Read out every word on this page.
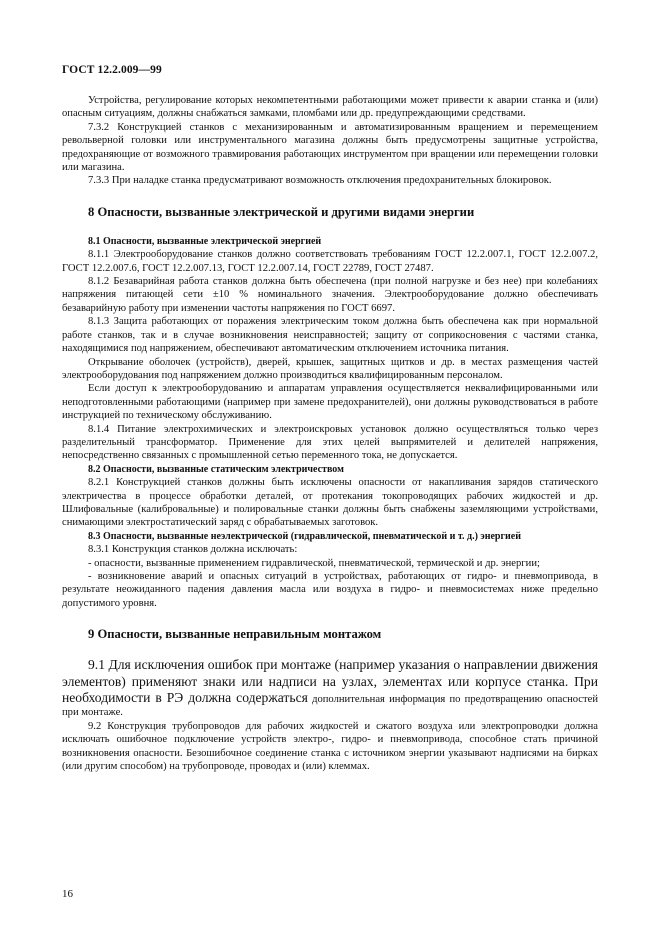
ГОСТ 12.2.009—99

Устройства, регулирование которых некомпетентными работающими может привести к аварии станка и (или) опасным ситуациям, должны снабжаться замками, пломбами или др. предупреждающими средствами.

7.3.2 Конструкцией станков с механизированным и автоматизированным вращением и перемещением револьверной головки или инструментального магазина должны быть предусмотрены защитные устройства, предохраняющие от возможного травмирования работающих инструментом при вращении или перемещении головки или магазина.

7.3.3 При наладке станка предусматривают возможность отключения предохранительных блокировок.

8 Опасности, вызванные электрической и другими видами энергии
8.1 Опасности, вызванные электрической энергией

8.1.1 Электрооборудование станков должно соответствовать требованиям ГОСТ 12.2.007.1, ГОСТ 12.2.007.2, ГОСТ 12.2.007.6, ГОСТ 12.2.007.13, ГОСТ 12.2.007.14, ГОСТ 22789, ГОСТ 27487.

8.1.2 Безаварийная работа станков должна быть обеспечена (при полной нагрузке и без нее) при колебаниях напряжения питающей сети ±10 % номинального значения. Электрооборудование должно обеспечивать безаварийную работу при изменении частоты напряжения по ГОСТ 6697.

8.1.3 Защита работающих от поражения электрическим током должна быть обеспечена как при нормальной работе станков, так и в случае возникновения неисправностей; защиту от соприкосновения с частями станка, находящимися под напряжением, обеспечивают автоматическим отключением источника питания.

Открывание оболочек (устройств), дверей, крышек, защитных щитков и др. в местах размещения частей электрооборудования под напряжением должно производиться квалифицированным персоналом.

Если доступ к электрооборудованию и аппаратам управления осуществляется неквалифицированными или неподготовленными работающими (например при замене предохранителей), они должны руководствоваться в работе инструкцией по техническому обслуживанию.

8.1.4 Питание электрохимических и электроискровых установок должно осуществляться только через разделительный трансформатор. Применение для этих целей выпрямителей и делителей напряжения, непосредственно связанных с промышленной сетью переменного тока, не допускается.

8.2 Опасности, вызванные статическим электричеством

8.2.1 Конструкцией станков должны быть исключены опасности от накапливания зарядов статического электричества в процессе обработки деталей, от протекания токопроводящих рабочих жидкостей и др. Шлифовальные (калибровальные) и полировальные станки должны быть снабжены заземляющими устройствами, снимающими электростатический заряд с обрабатываемых заготовок.

8.3 Опасности, вызванные неэлектрической (гидравлической, пневматической и т. д.) энергией

8.3.1 Конструкция станков должна исключать:

- опасности, вызванные применением гидравлической, пневматической, термической и др. энергии;

- возникновение аварий и опасных ситуаций в устройствах, работающих от гидро- и пневмопривода, в результате неожиданного падения давления масла или воздуха в гидро- и пневмосистемах ниже предельно допустимого уровня.

9 Опасности, вызванные неправильным монтажом

9.1 Для исключения ошибок при монтаже (например указания о направлении движения элементов) применяют знаки или надписи на узлах, элементах или корпусе станка. При необходимости в РЭ должна содержаться дополнительная информация по предотвращению опасностей при монтаже.

9.2 Конструкция трубопроводов для рабочих жидкостей и сжатого воздуха или электропроводки должна исключать ошибочное подключение устройств электро-, гидро- и пневмопривода, способное стать причиной возникновения опасности. Безошибочное соединение станка с источником энергии указывают надписями на бирках (или другим способом) на трубопроводе, проводах и (или) клеммах.

16
